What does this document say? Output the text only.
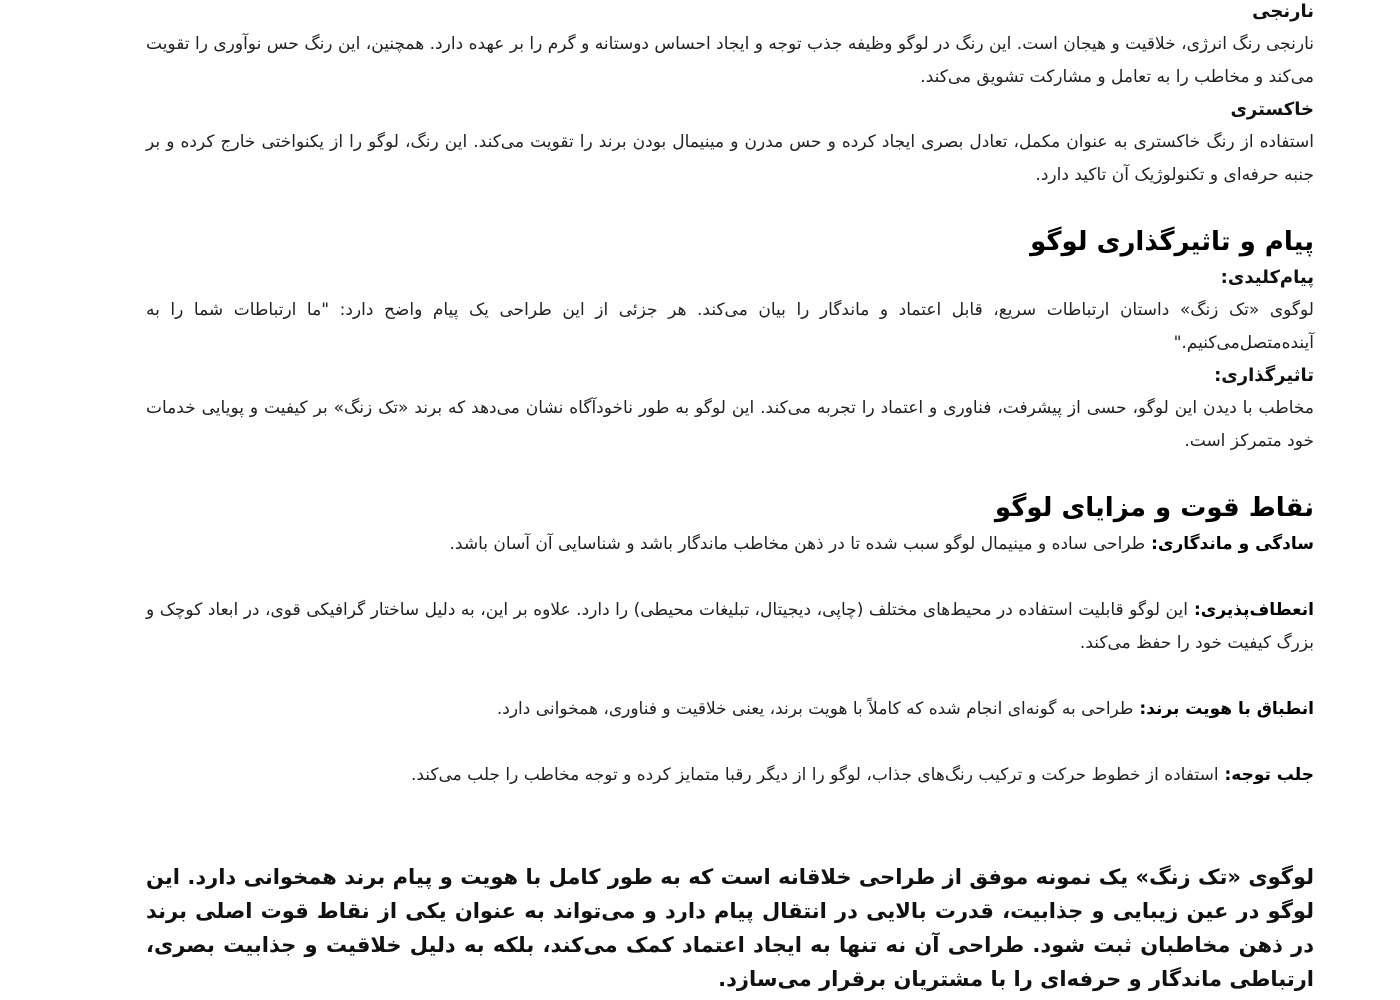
نارنجی

نارنجی رنگ انرژی، خلاقیت و هیجان است. این رنگ در لوگو وظیفه جذب توجه و ایجاد احساس دوستانه و گرم را بر عهده دارد. همچنین، این رنگ حس نوآوری را تقویت می‌کند و مخاطب را به تعامل و مشارکت تشویق می‌کند.

خاکستری

استفاده از رنگ خاکستری به عنوان مکمل، تعادل بصری ایجاد کرده و حس مدرن و مینیمال بودن برند را تقویت می‌کند. این رنگ، لوگو را از یکنواختی خارج کرده و بر جنبه حرفه‌ای و تکنولوژیک آن تاکید دارد.

پیام و تاثیرگذاری لوگو

پیام‌کلیدی:

لوگوی «تک زنگ» داستان ارتباطات سریع، قابل اعتماد و ماندگار را بیان می‌کند. هر جزئی از این طراحی یک پیام واضح دارد: "ما ارتباطات شما را به آینده‌متصل‌می‌کنیم."

تاثیرگذاری:

مخاطب با دیدن این لوگو، حسی از پیشرفت، فناوری و اعتماد را تجربه می‌کند. این لوگو به طور ناخودآگاه نشان می‌دهد که برند «تک زنگ» بر کیفیت و پویایی خدمات خود متمرکز است.

نقاط قوت و مزایای لوگو

سادگی و ماندگاری: طراحی ساده و مینیمال لوگو سبب شده تا در ذهن مخاطب ماندگار باشد و شناسایی آن آسان باشد.

انعطاف‌پذیری: این لوگو قابلیت استفاده در محیط‌های مختلف (چاپی، دیجیتال، تبلیغات محیطی) را دارد. علاوه بر این، به دلیل ساختار گرافیکی قوی، در ابعاد کوچک و بزرگ کیفیت خود را حفظ می‌کند.

انطباق با هویت برند: طراحی به گونه‌ای انجام شده که کاملاً با هویت برند، یعنی خلاقیت و فناوری، همخوانی دارد.

جلب توجه: استفاده از خطوط حرکت و ترکیب رنگ‌های جذاب، لوگو را از دیگر رقبا متمایز کرده و توجه مخاطب را جلب می‌کند.

لوگوی «تک زنگ» یک نمونه موفق از طراحی خلاقانه است که به طور کامل با هویت و پیام برند همخوانی دارد. این لوگو در عین زیبایی و جذابیت، قدرت بالایی در انتقال پیام دارد و می‌تواند به عنوان یکی از نقاط قوت اصلی برند در ذهن مخاطبان ثبت شود. طراحی آن نه تنها به ایجاد اعتماد کمک می‌کند، بلکه به دلیل خلاقیت و جذابیت بصری، ارتباطی ماندگار و حرفه‌ای را با مشتریان برقرار می‌سازد.
